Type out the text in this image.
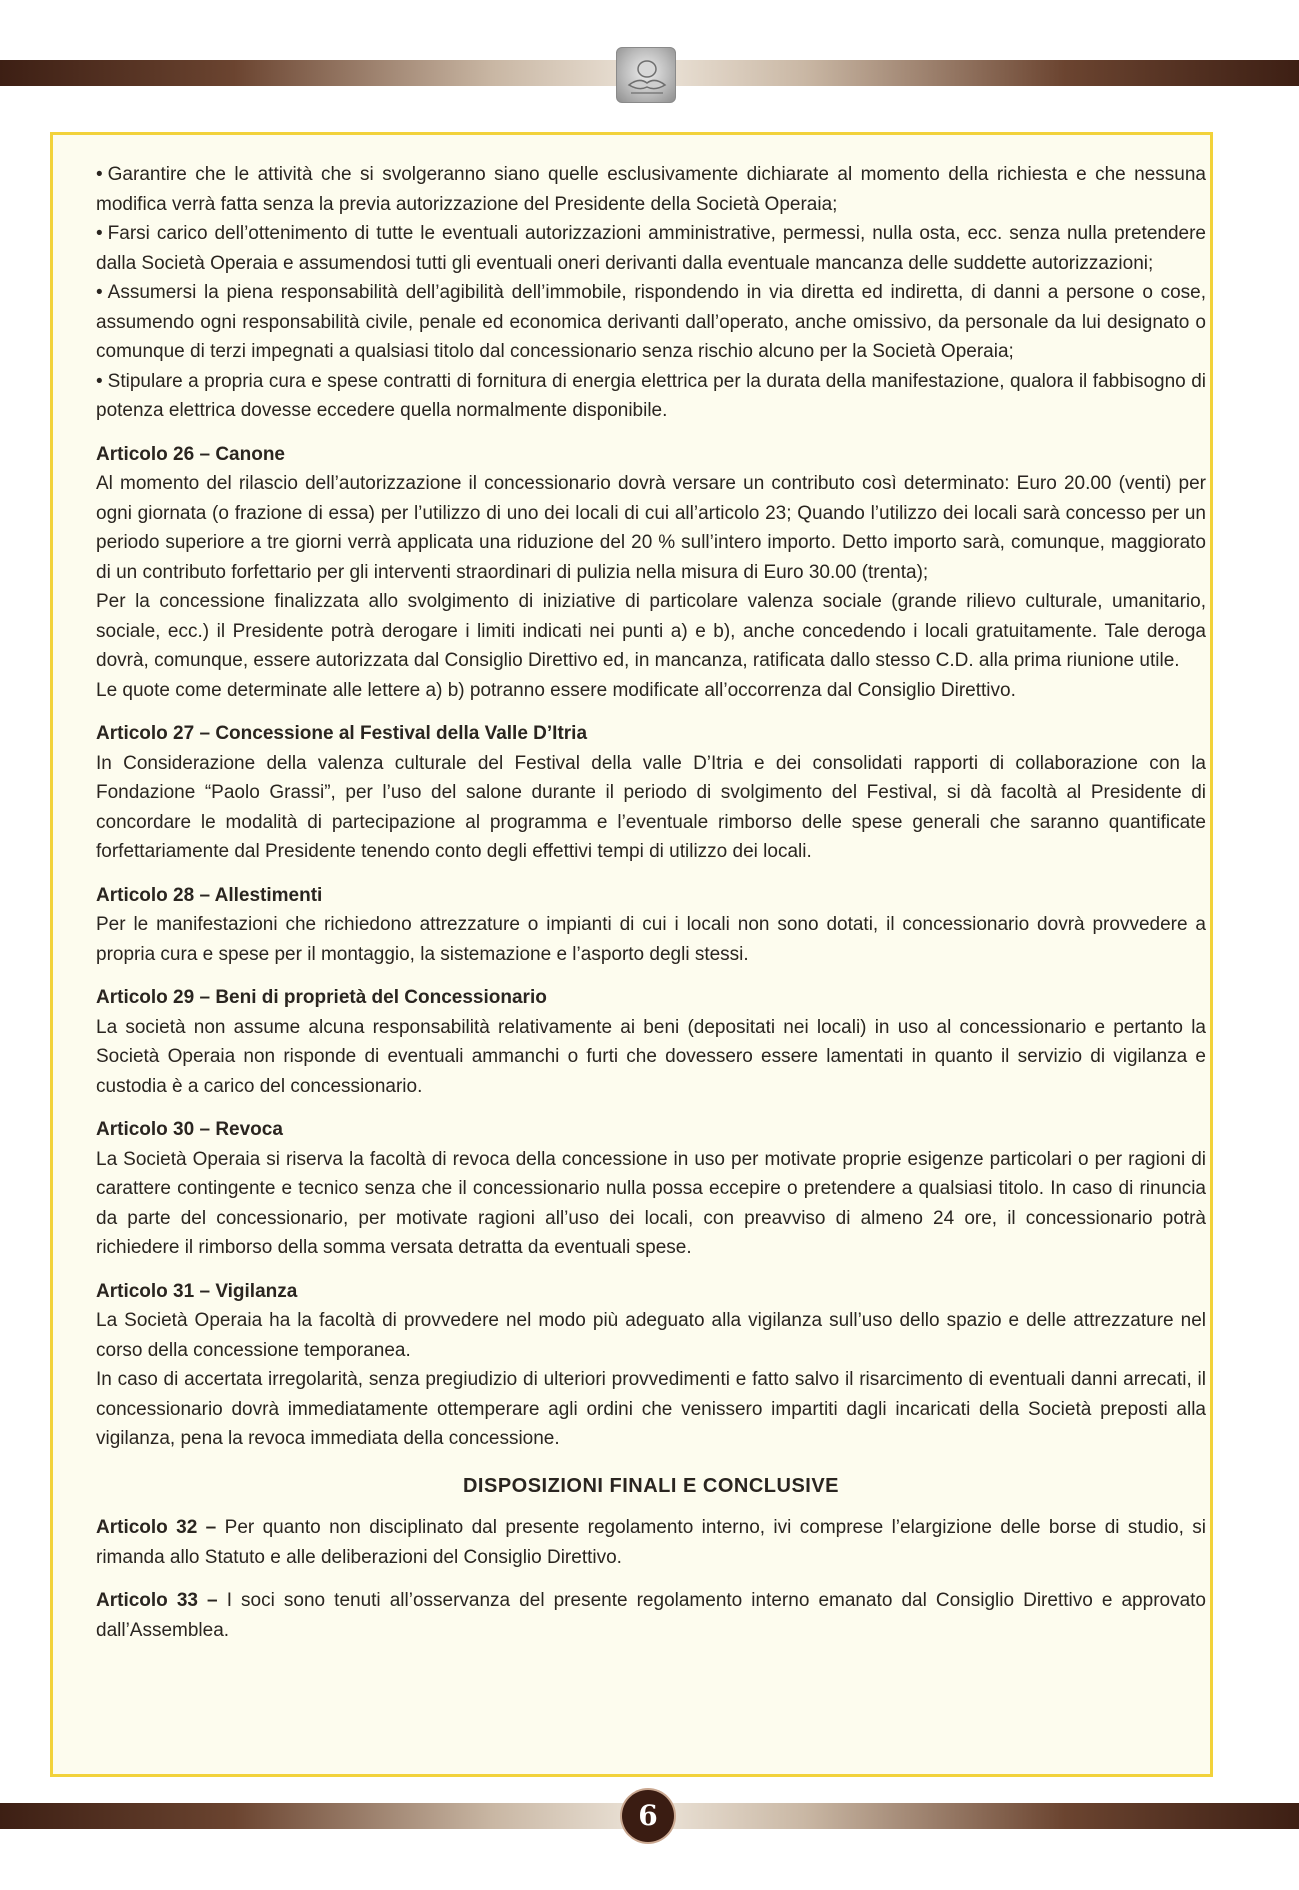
• Garantire che le attività che si svolgeranno siano quelle esclusivamente dichiarate al momento della richiesta e che nessuna modifica verrà fatta senza la previa autorizzazione del Presidente della Società Operaia;

• Farsi carico dell’ottenimento di tutte le eventuali autorizzazioni amministrative, permessi, nulla osta, ecc. senza nulla pretendere dalla Società Operaia e assumendosi tutti gli eventuali oneri derivanti dalla eventuale mancanza delle suddette autorizzazioni;

• Assumersi la piena responsabilità dell’agibilità dell’immobile, rispondendo in via diretta ed indiretta, di danni a persone o cose, assumendo ogni responsabilità civile, penale ed economica derivanti dall’operato, anche omissivo, da personale da lui designato o comunque di terzi impegnati a qualsiasi titolo dal concessionario senza rischio alcuno per la Società Operaia;

• Stipulare a propria cura e spese contratti di fornitura di energia elettrica per la durata della manifestazione, qualora il fabbisogno di potenza elettrica dovesse eccedere quella normalmente disponibile.

Articolo 26 – Canone

Al momento del rilascio dell’autorizzazione il concessionario dovrà versare un contributo così determinato: Euro 20.00 (venti) per ogni giornata (o frazione di essa) per l’utilizzo di uno dei locali di cui all’articolo 23; Quando l’utilizzo dei locali sarà concesso per un periodo superiore a tre giorni verrà applicata una riduzione del 20 % sull’intero importo. Detto importo sarà, comunque, maggiorato di un contributo forfettario per gli interventi straordinari di pulizia nella misura di Euro 30.00 (trenta);

Per la concessione finalizzata allo svolgimento di iniziative di particolare valenza sociale (grande rilievo culturale, umanitario, sociale, ecc.) il Presidente potrà derogare i limiti indicati nei punti a) e b), anche concedendo i locali gratuitamente. Tale deroga dovrà, comunque, essere autorizzata dal Consiglio Direttivo ed, in mancanza, ratificata dallo stesso C.D. alla prima riunione utile.

Le quote come determinate alle lettere a) b) potranno essere modificate all’occorrenza dal Consiglio Direttivo.

Articolo 27 – Concessione al Festival della Valle D’Itria

In Considerazione della valenza culturale del Festival della valle D’Itria e dei consolidati rapporti di collaborazione con la Fondazione “Paolo Grassi”, per l’uso del salone durante il periodo di svolgimento del Festival, si dà facoltà al Presidente di concordare le modalità di partecipazione al programma e l’eventuale rimborso delle spese generali che saranno quantificate forfettariamente dal Presidente tenendo conto degli effettivi tempi di utilizzo dei locali.

Articolo 28 – Allestimenti

Per le manifestazioni che richiedono attrezzature o impianti di cui i locali non sono dotati, il concessionario dovrà provvedere a propria cura e spese per il montaggio, la sistemazione e l’asporto degli stessi.

Articolo 29 – Beni di proprietà del Concessionario

La società non assume alcuna responsabilità relativamente ai beni (depositati nei locali) in uso al concessionario e pertanto la Società Operaia non risponde di eventuali ammanchi o furti che dovessero essere lamentati in quanto il servizio di vigilanza e custodia è a carico del concessionario.

Articolo 30 – Revoca

La Società Operaia si riserva la facoltà di revoca della concessione in uso per motivate proprie esigenze particolari o per ragioni di carattere contingente e tecnico senza che il concessionario nulla possa eccepire o pretendere a qualsiasi titolo. In caso di rinuncia da parte del concessionario, per motivate ragioni all’uso dei locali, con preavviso di almeno 24 ore, il concessionario potrà richiedere il rimborso della somma versata detratta da eventuali spese.

Articolo 31 – Vigilanza

La Società Operaia ha la facoltà di provvedere nel modo più adeguato alla vigilanza sull’uso dello spazio e delle attrezzature nel corso della concessione temporanea.

In caso di accertata irregolarità, senza pregiudizio di ulteriori provvedimenti e fatto salvo il risarcimento di eventuali danni arrecati, il concessionario dovrà immediatamente ottemperare agli ordini che venissero impartiti dagli incaricati della Società preposti alla vigilanza, pena la revoca immediata della concessione.

DISPOSIZIONI FINALI E CONCLUSIVE

Articolo 32 – Per quanto non disciplinato dal presente regolamento interno, ivi comprese l’elargizione delle borse di studio, si rimanda allo Statuto e alle deliberazioni del Consiglio Direttivo.

Articolo 33 – I soci sono tenuti all’osservanza del presente regolamento interno emanato dal Consiglio Direttivo e approvato dall’Assemblea.

6
